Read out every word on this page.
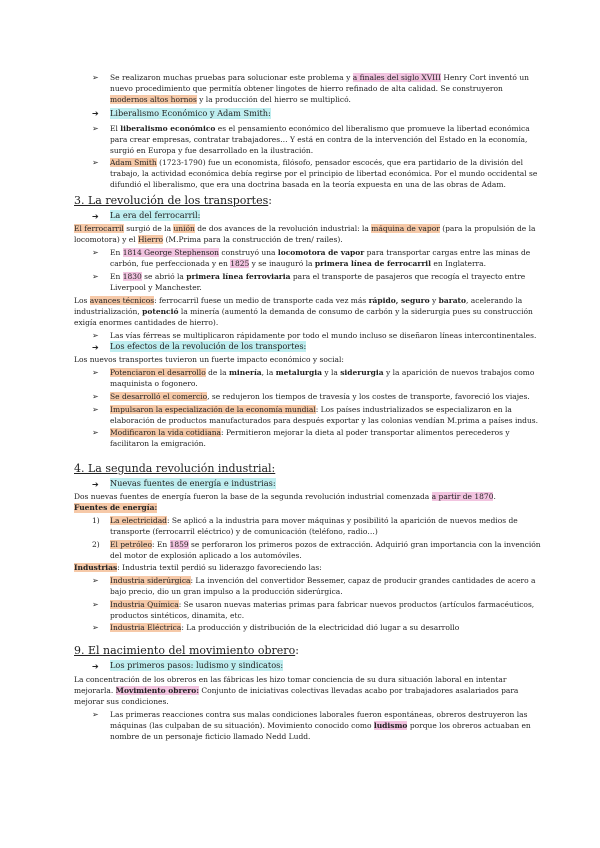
➢ Se realizaron muchas pruebas para solucionar este problema y a finales del siglo XVIII Henry Cort inventó un
nuevo procedimiento que permitía obtener lingotes de hierro refinado de alta calidad. Se construyeron
modernos altos hornos y la producción del hierro se multiplicó.
➔ Liberalismo Económico y Adam Smith:
➢ El liberalismo económico es el pensamiento económico del liberalismo que promueve la libertad económica
para crear empresas, contratar trabajadores… Y está en contra de la intervención del Estado en la economía,
surgió en Europa y fue desarrollado en la ilustración.
➢ Adam Smith (1723-1790) fue un economista, filósofo, pensador escocés, que era partidario de la división del
trabajo, la actividad económica debía regirse por el principio de libertad económica. Por el mundo occidental se
difundió el liberalismo, que era una doctrina basada en la teoría expuesta en una de las obras de Adam.
3. La revolución de los transportes:
➔ La era del ferrocarril:
El ferrocarril surgió de la unión de dos avances de la revolución industrial: la máquina de vapor (para la propulsión de la
locomotora) y el Hierro (M.Prima para la construcción de tren/ railes).
➢ En 1814 George Stephenson construyó una locomotora de vapor para transportar cargas entre las minas de
carbón, fue perfeccionada y en 1825 y se inauguró la primera línea de ferrocarril en Inglaterra.
➢ En 1830 se abrió la primera línea ferroviaria para el transporte de pasajeros que recogía el trayecto entre
Liverpool y Manchester.
Los avances técnicos: ferrocarril fuese un medio de transporte cada vez más rápido, seguro y barato, acelerando la
industrialización, potenció la minería (aumentó la demanda de consumo de carbón y la siderurgia pues su construcción
exigía enormes cantidades de hierro).
➢ Las vías férreas se multiplicaron rápidamente por todo el mundo incluso se diseñaron líneas intercontinentales.
➔ Los efectos de la revolución de los transportes:
Los nuevos transportes tuvieron un fuerte impacto económico y social:
➢ Potenciaron el desarrollo de la minería, la metalurgia y la siderurgia y la aparición de nuevos trabajos como
maquinista o fogonero.
➢ Se desarrolló el comercio, se redujeron los tiempos de travesía y los costes de transporte, favoreció los viajes.
➢ Impulsaron la especialización de la economía mundial: Los países industrializados se especializaron en la
elaboración de productos manufacturados para después exportar y las colonias vendían M.prima a países indus.
➢ Modificaron la vida cotidiana: Permitieron mejorar la dieta al poder transportar alimentos perecederos y
facilitaron la emigración.
4. La segunda revolución industrial:
➔ Nuevas fuentes de energía e industrias:
Dos nuevas fuentes de energía fueron la base de la segunda revolución industrial comenzada a partir de 1870.
Fuentes de energía:
1) La electricidad: Se aplicó a la industria para mover máquinas y posibilitó la aparición de nuevos medios de
transporte (ferrocarril eléctrico) y de comunicación (teléfono, radio…)
2) El petróleo: En 1859 se perforaron los primeros pozos de extracción. Adquirió gran importancia con la invención
del motor de explosión aplicado a los automóviles.
Industrias: Industria textil perdió su liderazgo favoreciendo las:
➢ Industria siderúrgica: La invención del convertidor Bessemer, capaz de producir grandes cantidades de acero a
bajo precio, dio un gran impulso a la producción siderúrgica.
➢ Industria Química: Se usaron nuevas materias primas para fabricar nuevos productos (artículos farmacéuticos,
productos sintéticos, dinamita, etc.
➢ Industria Eléctrica: La producción y distribución de la electricidad dió lugar a su desarrollo
9. El nacimiento del movimiento obrero:
➔ Los primeros pasos: ludismo y sindicatos:
La concentración de los obreros en las fábricas les hizo tomar conciencia de su dura situación laboral en intentar
mejorarla. Movimiento obrero: Conjunto de iniciativas colectivas llevadas acabo por trabajadores asalariados para
mejorar sus condiciones.
➢ Las primeras reacciones contra sus malas condiciones laborales fueron espontáneas, obreros destruyeron las
máquinas (las culpaban de su situación). Movimiento conocido como ludismo porque los obreros actuaban en
nombre de un personaje ficticio llamado Nedd Ludd.
